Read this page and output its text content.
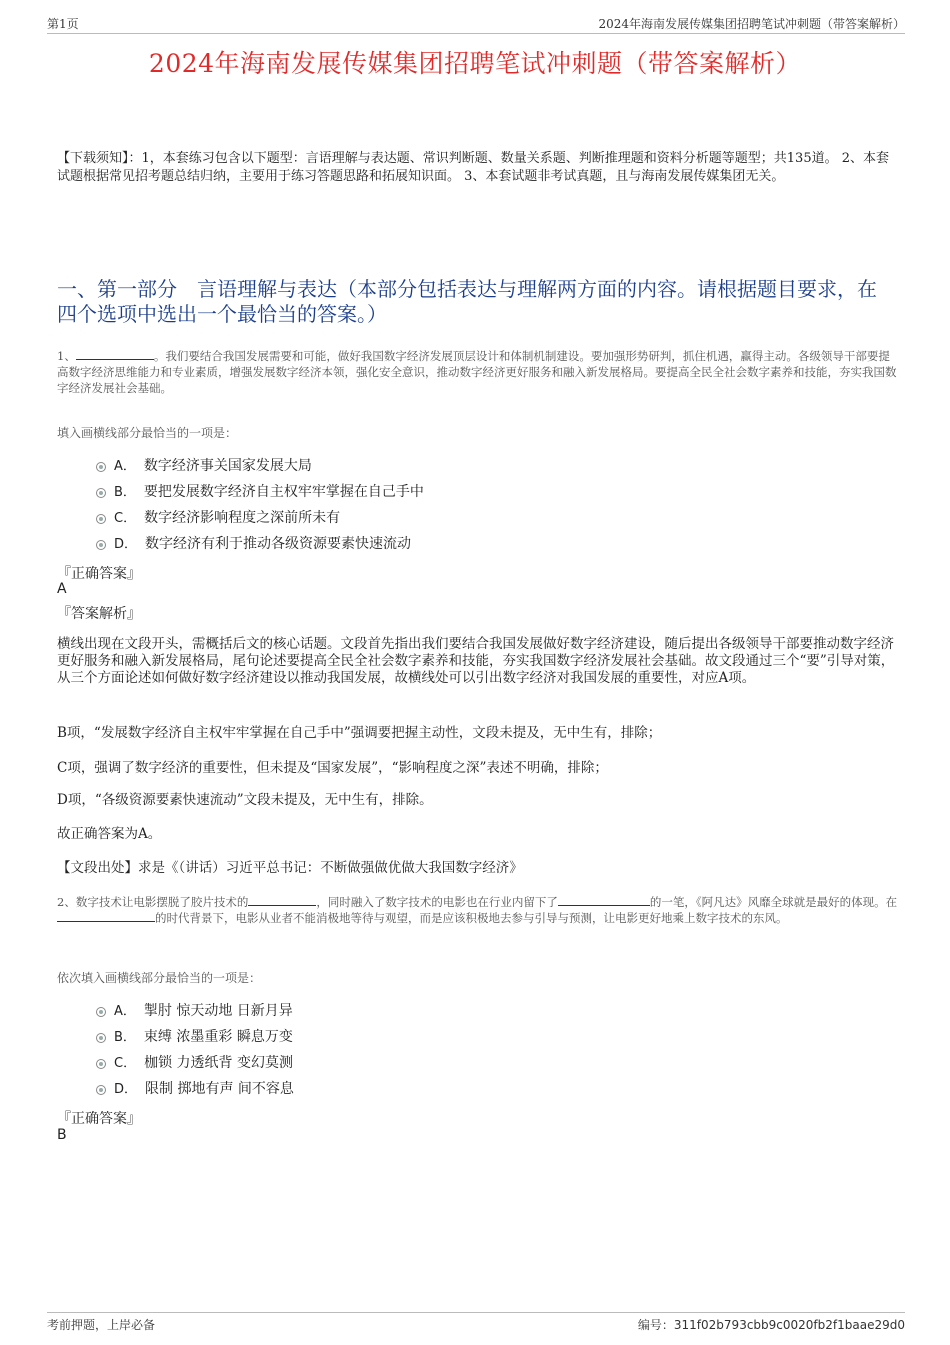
第1页	2024年海南发展传媒集团招聘笔试冲刺题（带答案解析）
2024年海南发展传媒集团招聘笔试冲刺题（带答案解析）
【下载须知】：1，本套练习包含以下题型：言语理解与表达题、常识判断题、数量关系题、判断推理题和资料分析题等题型；共135道。 2、本套试题根据常见招考题总结归纳，主要用于练习答题思路和拓展知识面。 3、本套试题非考试真题，且与海南发展传媒集团无关。
一、第一部分　言语理解与表达（本部分包括表达与理解两方面的内容。请根据题目要求，在四个选项中选出一个最恰当的答案。）
1、	。我们要结合我国发展需要和可能，做好我国数字经济发展顶层设计和体制机制建设。要加强形势研判，抓住机遇，赢得主动。各级领导干部要提高数字经济思维能力和专业素质，增强发展数字经济本领，强化安全意识，推动数字经济更好服务和融入新发展格局。要提高全民全社会数字素养和技能，夯实我国数字经济发展社会基础。
填入画横线部分最恰当的一项是：
A． 数字经济事关国家发展大局
B． 要把发展数字经济自主权牢牢掌握在自己手中
C． 数字经济影响程度之深前所未有
D． 数字经济有利于推动各级资源要素快速流动
『正确答案』
A
『答案解析』
横线出现在文段开头，需概括后文的核心话题。文段首先指出我们要结合我国发展做好数字经济建设，随后提出各级领导干部要推动数字经济更好服务和融入新发展格局，尾句论述要提高全民全社会数字素养和技能，夯实我国数字经济发展社会基础。故文段通过三个“要”引导对策，从三个方面论述如何做好数字经济建设以推动我国发展，故横线处可以引出数字经济对我国发展的重要性，对应A项。
B项，“发展数字经济自主权牢牢掌握在自己手中”强调要把握主动性，文段未提及，无中生有，排除；
C项，强调了数字经济的重要性，但未提及“国家发展”，“影响程度之深”表述不明确，排除；
D项，“各级资源要素快速流动”文段未提及，无中生有，排除。
故正确答案为A。
【文段出处】求是《（讲话）习近平总书记：不断做强做优做大我国数字经济》
2、数字技术让电影摆脱了胶片技术的	，同时融入了数字技术的电影也在行业内留下了	的一笔，《阿凡达》风靡全球就是最好的体现。在的时代背景下，电影从业者不能消极地等待与观望，而是应该积极地去参与引导与预测，让电影更好地乘上数字技术的东风。
依次填入画横线部分最恰当的一项是：
A． 掣肘 惊天动地 日新月异
B． 束缚 浓墨重彩 瞬息万变
C． 枷锁 力透纸背 变幻莫测
D． 限制 掷地有声 间不容息
『正确答案』
B
考前押题，上岸必备	编号：311f02b793cbb9c0020fb2f1baae29d0
